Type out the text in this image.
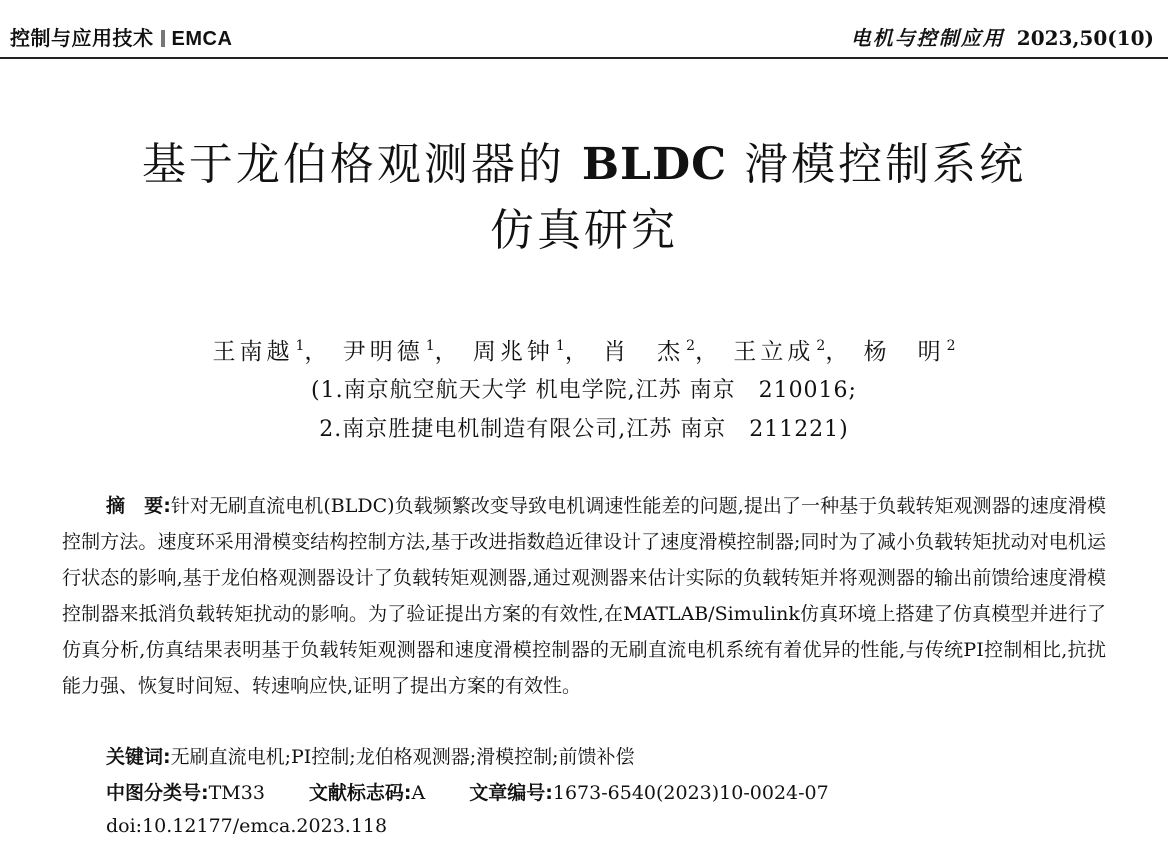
控制与应用技术 EMCA	电机与控制应用 2023,50(10)
基于龙伯格观测器的 BLDC 滑模控制系统
仿真研究
王南越 $^1$， 尹明德 $^1$， 周兆钟 $^1$， 肖　杰 $^2$， 王立成 $^2$， 杨　明 $^2$
(1.南京航空航天大学 机电学院,江苏 南京　210016;
2.南京胜捷电机制造有限公司,江苏 南京　211221)
摘　要:针对无刷直流电机(BLDC)负载频繁改变导致电机调速性能差的问题,提出了一种基于负载转矩观测器的速度滑模控制方法。速度环采用滑模变结构控制方法,基于改进指数趋近律设计了速度滑模控制器;同时为了减小负载转矩扰动对电机运行状态的影响,基于龙伯格观测器设计了负载转矩观测器,通过观测器来估计实际的负载转矩并将观测器的输出前馈给速度滑模控制器来抵消负载转矩扰动的影响。为了验证提出方案的有效性,在MATLAB/Simulink仿真环境上搭建了仿真模型并进行了仿真分析,仿真结果表明基于负载转矩观测器和速度滑模控制器的无刷直流电机系统有着优异的性能,与传统PI控制相比,抗扰能力强、恢复时间短、转速响应快,证明了提出方案的有效性。
关键词:无刷直流电机;PI控制;龙伯格观测器;滑模控制;前馈补偿
中图分类号:TM33 文献标志码:A 文章编号:1673-6540(2023)10-0024-07
doi:10.12177/emca.2023.118
